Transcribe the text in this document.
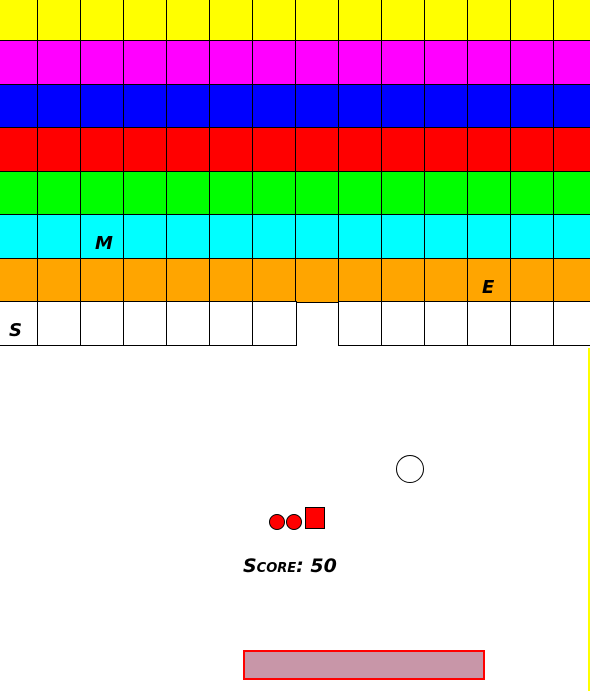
M
E
S
Score: 50
